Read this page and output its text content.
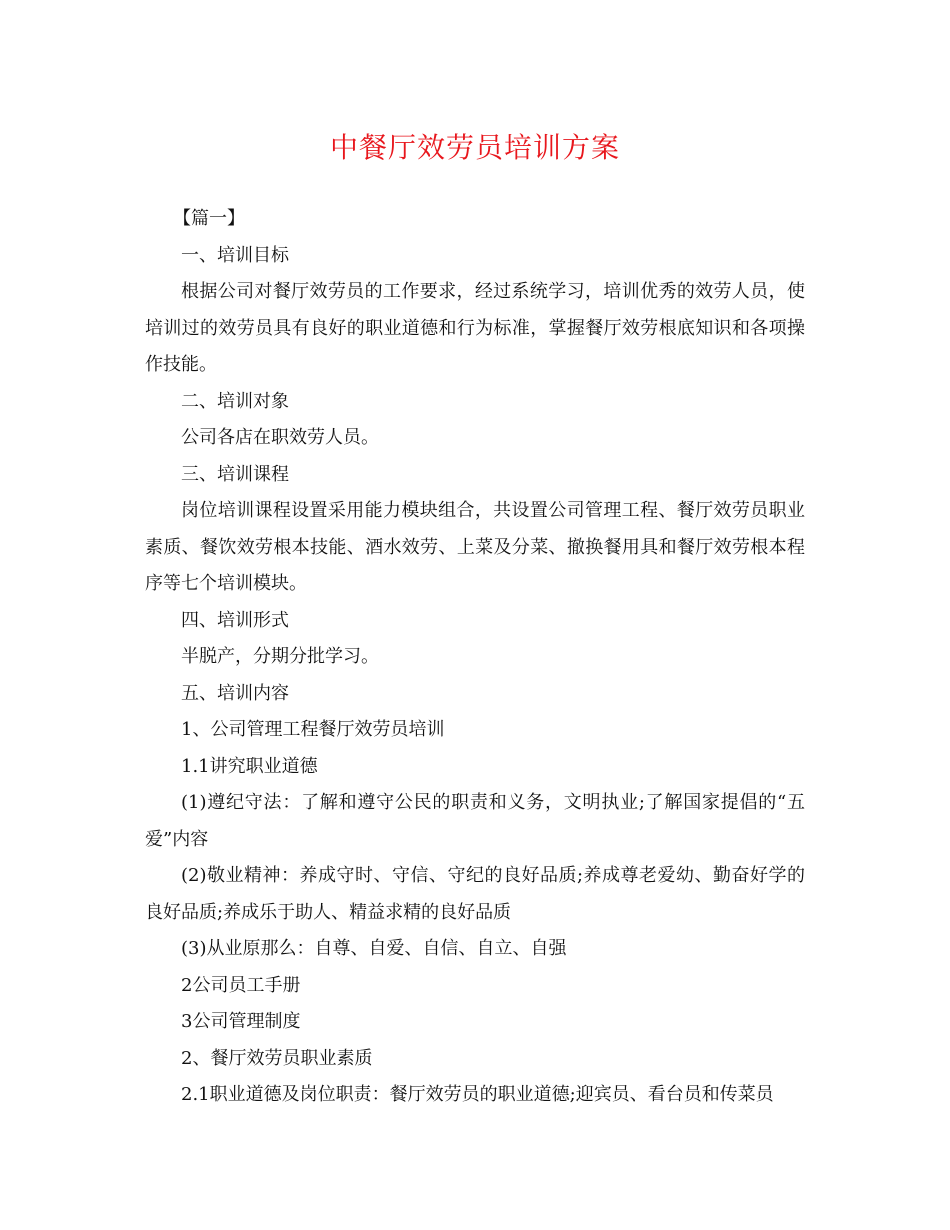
中餐厅效劳员培训方案

【篇一】

一、培训目标

根据公司对餐厅效劳员的工作要求，经过系统学习，培训优秀的效劳人员，使培训过的效劳员具有良好的职业道德和行为标准，掌握餐厅效劳根底知识和各项操作技能。

二、培训对象

公司各店在职效劳人员。

三、培训课程

岗位培训课程设置采用能力模块组合，共设置公司管理工程、餐厅效劳员职业素质、餐饮效劳根本技能、酒水效劳、上菜及分菜、撤换餐用具和餐厅效劳根本程序等七个培训模块。

四、培训形式

半脱产，分期分批学习。

五、培训内容

1、公司管理工程餐厅效劳员培训

1.1讲究职业道德

(1)遵纪守法：了解和遵守公民的职责和义务，文明执业;了解国家提倡的“五爱”内容

(2)敬业精神：养成守时、守信、守纪的良好品质;养成尊老爱幼、勤奋好学的良好品质;养成乐于助人、精益求精的良好品质

(3)从业原那么：自尊、自爱、自信、自立、自强

2公司员工手册

3公司管理制度

2、餐厅效劳员职业素质

2.1职业道德及岗位职责：餐厅效劳员的职业道德;迎宾员、看台员和传菜员
